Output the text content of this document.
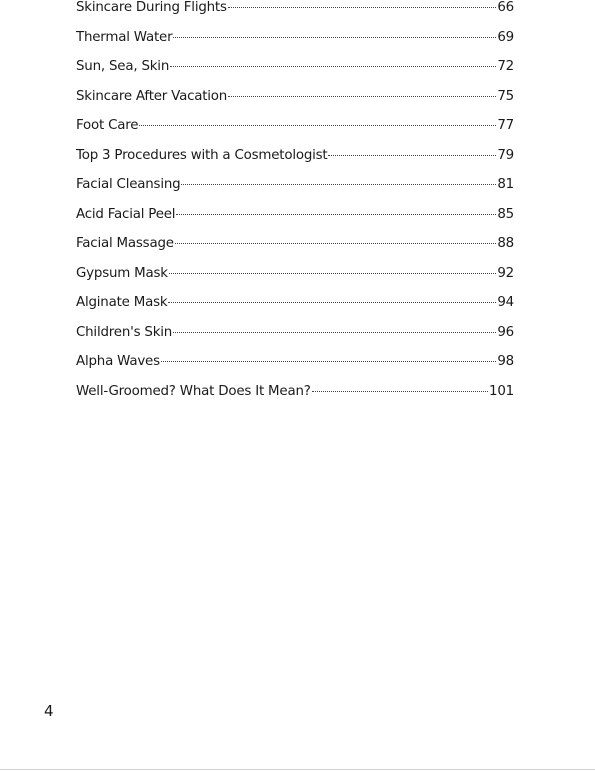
Skincare During Flights	66
Thermal Water	69
Sun, Sea, Skin	72
Skincare After Vacation	75
Foot Care	77
Top 3 Procedures with a Cosmetologist	79
Facial Cleansing	81
Acid Facial Peel	85
Facial Massage	88
Gypsum Mask	92
Alginate Mask	94
Children's Skin	96
Alpha Waves	98
Well-Groomed? What Does It Mean?	101
4
